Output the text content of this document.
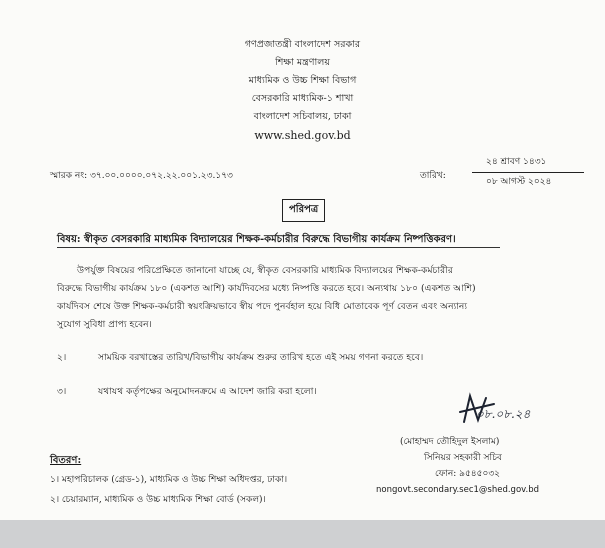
গণপ্রজাতন্ত্রী বাংলাদেশ সরকার
শিক্ষা মন্ত্রণালয়
মাধ্যমিক ও উচ্চ শিক্ষা বিভাগ
বেসরকারি মাধ্যমিক-১ শাখা
বাংলাদেশ সচিবালয়, ঢাকা
www.shed.gov.bd
স্মারক নং: ৩৭.০০.০০০০.০৭২.২২.০০১.২৩.১৭৩	তারিখ:
২৪ শ্রাবণ ১৪৩১
০৮ আগস্ট ২০২৪
পরিপত্র
বিষয়: স্বীকৃত বেসরকারি মাধ্যমিক বিদ্যালয়ের শিক্ষক-কর্মচারীর বিরুদ্ধে বিভাগীয় কার্যক্রম নিষ্পত্তিকরণ।
উপর্যুক্ত বিষয়ের পরিপ্রেক্ষিতে জানানো যাচ্ছে যে, স্বীকৃত বেসরকারি মাধ্যমিক বিদ্যালয়ের শিক্ষক-কর্মচারীর
বিরুদ্ধে বিভাগীয় কার্যক্রম ১৮০ (একশত আশি) কার্যদিবসের মধ্যে নিষ্পত্তি করতে হবে। অন্যথায় ১৮০ (একশত আশি)
কার্যদিবস শেষে উক্ত শিক্ষক-কর্মচারী স্বয়ংক্রিয়ভাবে স্বীয় পদে পুনর্বহাল হয়ে বিধি মোতাবেক পূর্ণ বেতন এবং অন্যান্য
সুযোগ সুবিধা প্রাপ্য হবেন।
২।	সাময়িক বরখাস্তের তারিখ/বিভাগীয় কার্যক্রম শুরুর তারিখ হতে এই সময় গণনা করতে হবে।
৩।	যথাযথ কর্তৃপক্ষের অনুমোদনক্রমে এ আদেশ জারি করা হলো।
০৮.০৮.২৪
(মোহাম্মদ তৌহিদুল ইসলাম)
সিনিয়র সহকারী সচিব
ফোন: ৯৫৪৫০৩২
nongovt.secondary.sec1@shed.gov.bd
বিতরণ:
১। মহাপরিচালক (গ্রেড-১), মাধ্যমিক ও উচ্চ শিক্ষা অধিদপ্তর, ঢাকা।
২। চেয়ারম্যান, মাধ্যমিক ও উচ্চ মাধ্যমিক শিক্ষা বোর্ড (সকল)।
